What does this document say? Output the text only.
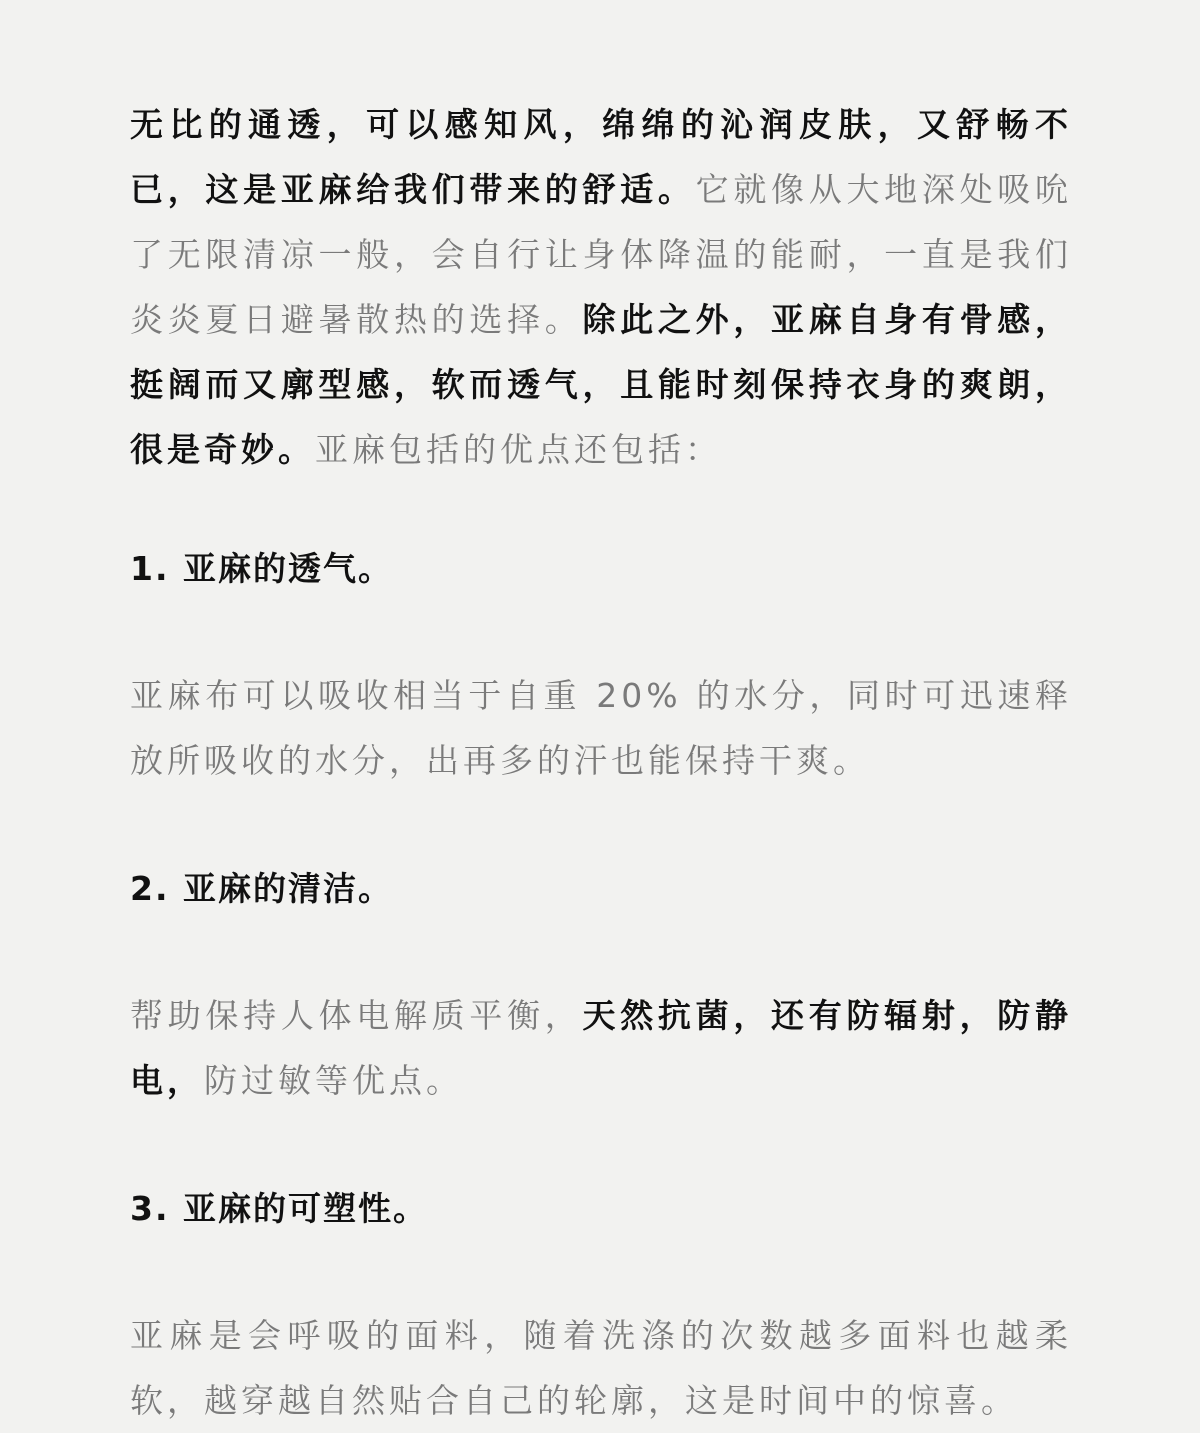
无比的通透，可以感知风，绵绵的沁润皮肤，又舒畅不已，这是亚麻给我们带来的舒适。它就像从大地深处吸吮了无限清凉一般，会自行让身体降温的能耐，一直是我们炎炎夏日避暑散热的选择。除此之外，亚麻自身有骨感，挺阔而又廓型感，软而透气，且能时刻保持衣身的爽朗，很是奇妙。亚麻包括的优点还包括：

1. 亚麻的透气。

亚麻布可以吸收相当于自重 20% 的水分，同时可迅速释放所吸收的水分，出再多的汗也能保持干爽。

2. 亚麻的清洁。

帮助保持人体电解质平衡，天然抗菌，还有防辐射，防静电，防过敏等优点。

3. 亚麻的可塑性。

亚麻是会呼吸的面料，随着洗涤的次数越多面料也越柔软，越穿越自然贴合自己的轮廓，这是时间中的惊喜。
